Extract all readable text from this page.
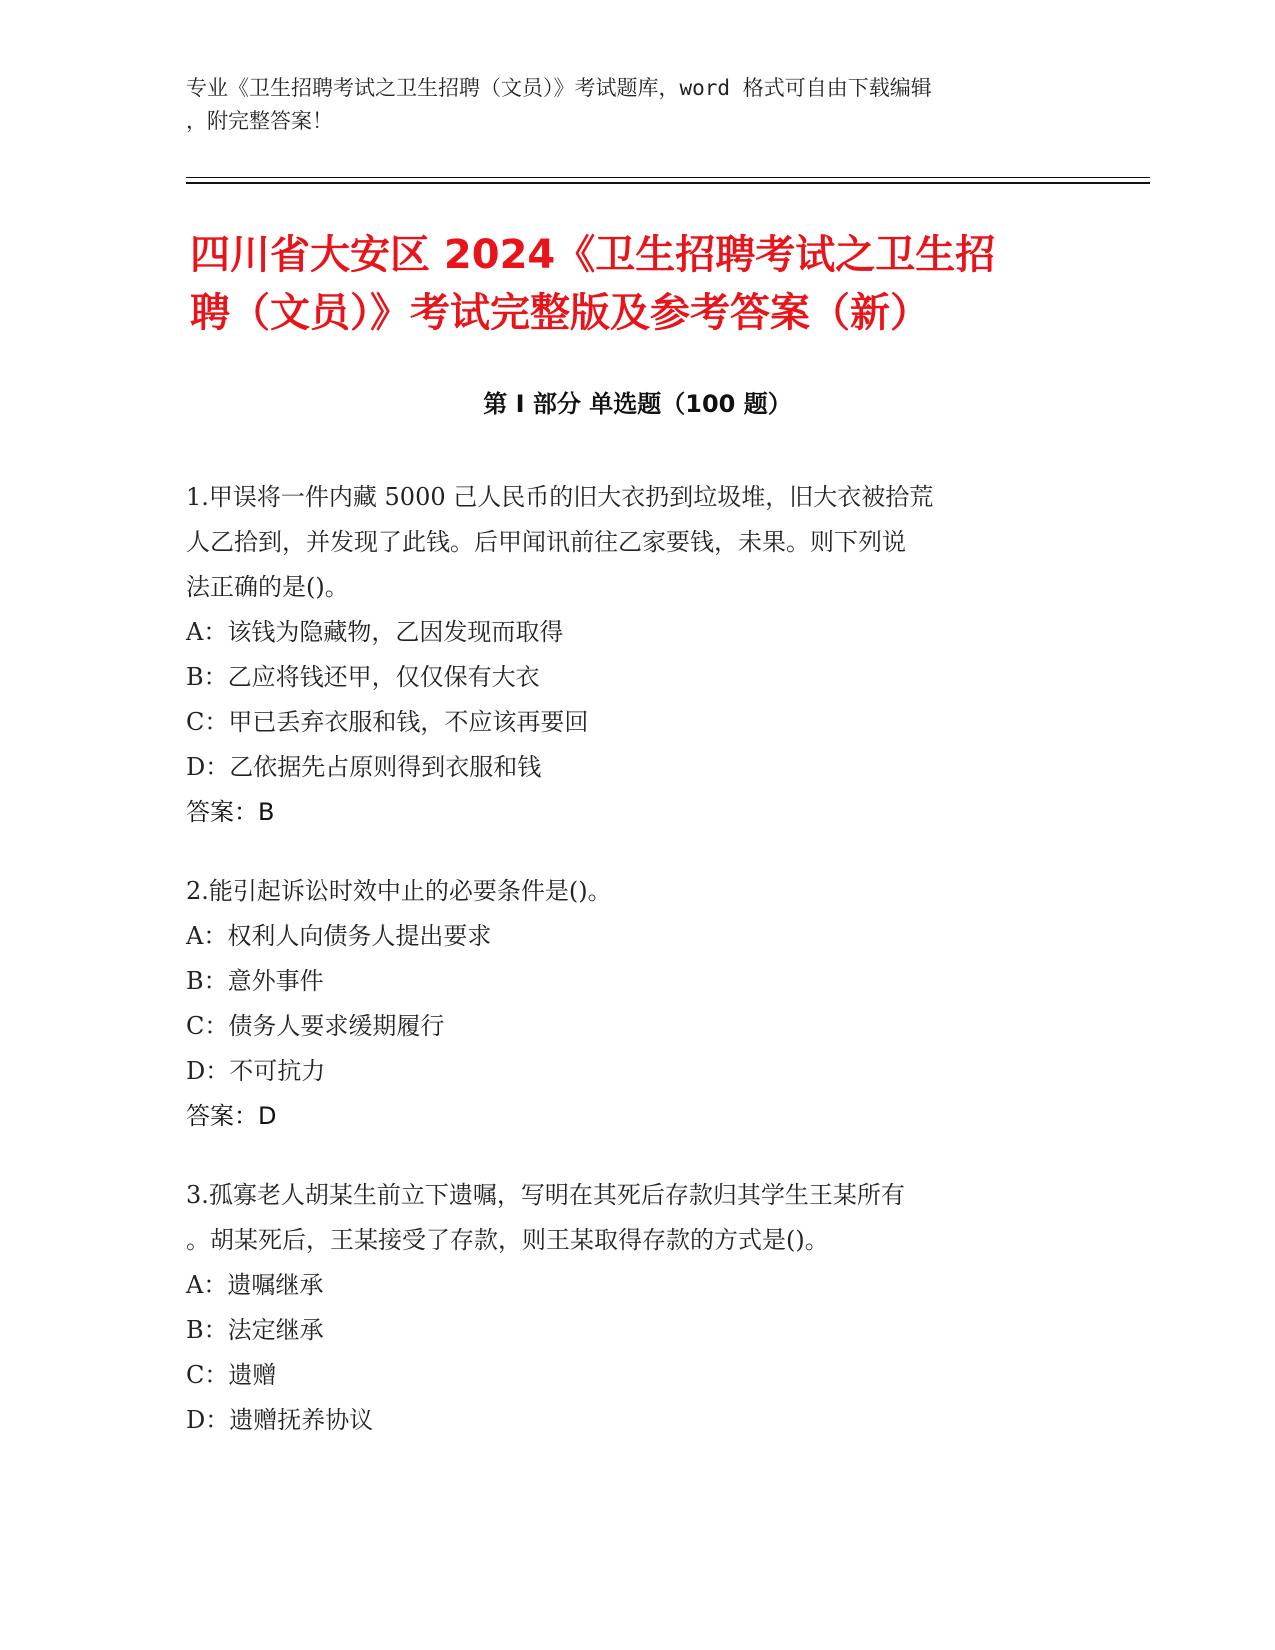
专业《卫生招聘考试之卫生招聘（文员）》考试题库，word 格式可自由下载编辑
，附完整答案！
四川省大安区 2024《卫生招聘考试之卫生招
聘（文员）》考试完整版及参考答案（新）
第 I 部分 单选题（100 题）
1.甲误将一件内藏 5000 己人民币的旧大衣扔到垃圾堆，旧大衣被拾荒
人乙拾到，并发现了此钱。后甲闻讯前往乙家要钱，未果。则下列说
法正确的是()。
A：该钱为隐藏物，乙因发现而取得
B：乙应将钱还甲，仅仅保有大衣
C：甲已丢弃衣服和钱，不应该再要回
D：乙依据先占原则得到衣服和钱
答案：B
2.能引起诉讼时效中止的必要条件是()。
A：权利人向债务人提出要求
B：意外事件
C：债务人要求缓期履行
D：不可抗力
答案：D
3.孤寡老人胡某生前立下遗嘱，写明在其死后存款归其学生王某所有
。胡某死后，王某接受了存款，则王某取得存款的方式是()。
A：遗嘱继承
B：法定继承
C：遗赠
D：遗赠抚养协议
